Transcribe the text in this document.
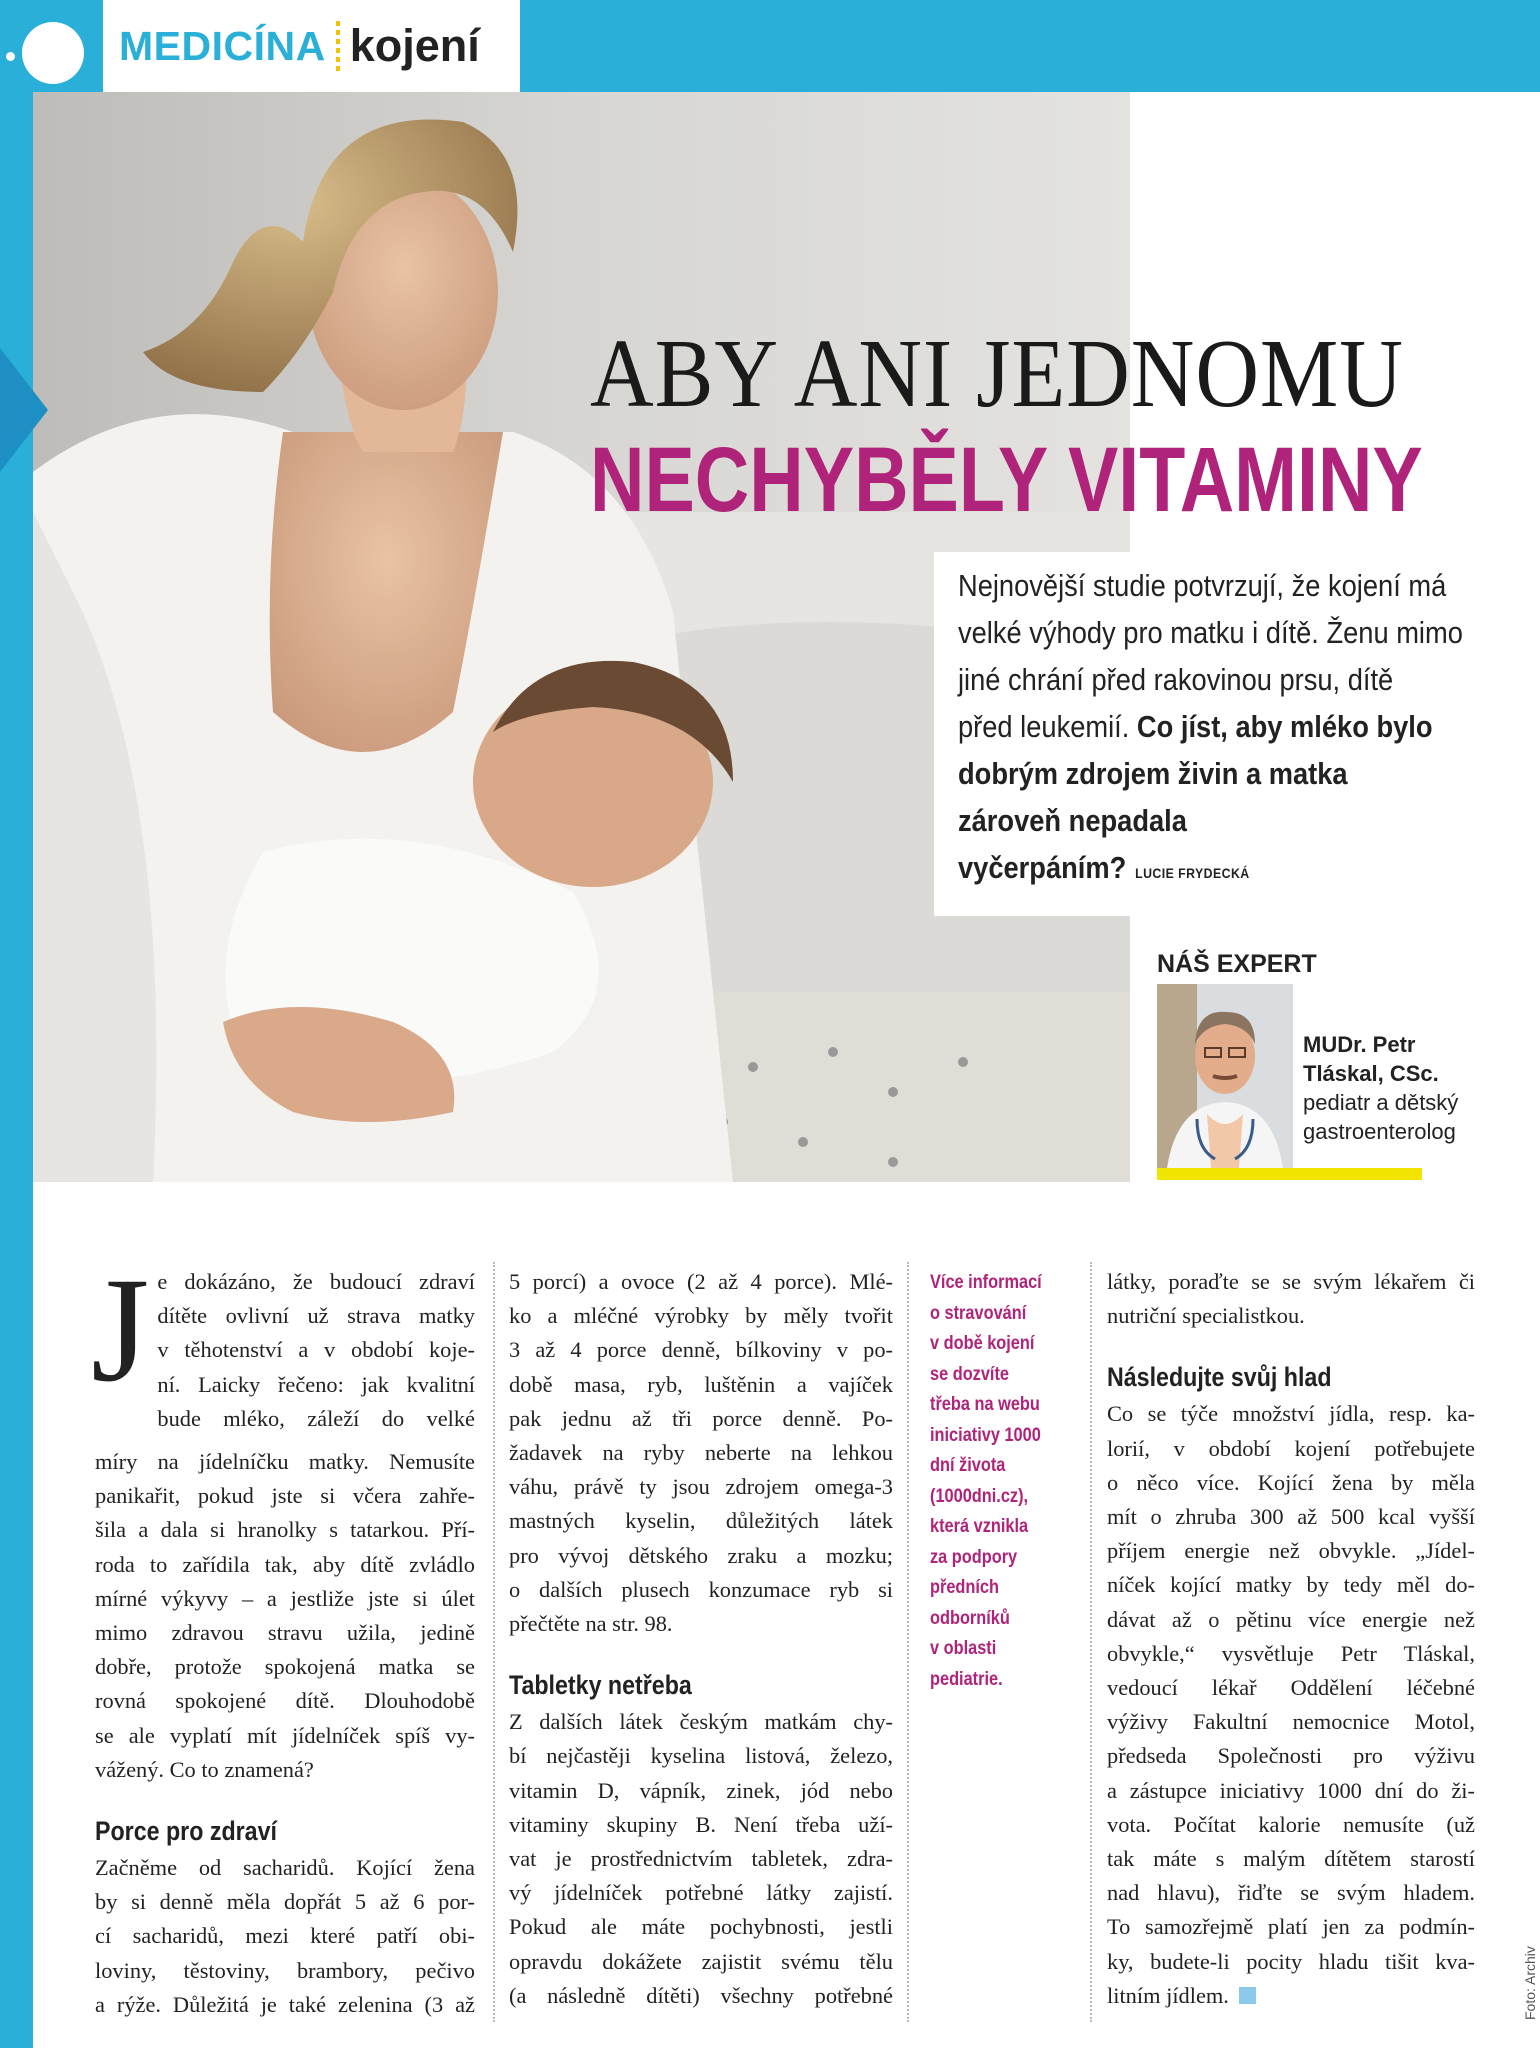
MEDICÍNA kojení
ABY ANI JEDNOMU
NECHYBĚLY VITAMINY
Nejnovější studie potvrzují, že kojení má
velké výhody pro matku i dítě. Ženu mimo
jiné chrání před rakovinou prsu, dítě
před leukemií. Co jíst, aby mléko bylo
dobrým zdrojem živin a matka
zároveň nepadala
vyčerpáním? LUCIE FRYDECKÁ
NÁŠ EXPERT
MUDr. Petr
Tláskal, CSc.
pediatr a dětský
gastroenterolog
J e dokázáno, že budoucí zdraví
dítěte ovlivní už strava matky
v těhotenství a v období koje-
ní. Laicky řečeno: jak kvalitní
bude mléko, záleží do velké
míry na jídelníčku matky. Nemusíte
panikařit, pokud jste si včera zahře-
šila a dala si hranolky s tatarkou. Pří-
roda to zařídila tak, aby dítě zvládlo
mírné výkyvy – a jestliže jste si úlet
mimo zdravou stravu užila, jedině
dobře, protože spokojená matka se
rovná spokojené dítě. Dlouhodobě
se ale vyplatí mít jídelníček spíš vy-
vážený. Co to znamená?
Porce pro zdraví
Začněme od sacharidů. Kojící žena
by si denně měla dopřát 5 až 6 por-
cí sacharidů, mezi které patří obi-
loviny, těstoviny, brambory, pečivo
a rýže. Důležitá je také zelenina (3 až
5 porcí) a ovoce (2 až 4 porce). Mlé-
ko a mléčné výrobky by měly tvořit
3 až 4 porce denně, bílkoviny v po-
době masa, ryb, luštěnin a vajíček
pak jednu až tři porce denně. Po-
žadavek na ryby neberte na lehkou
váhu, právě ty jsou zdrojem omega-3
mastných kyselin, důležitých látek
pro vývoj dětského zraku a mozku;
o dalších plusech konzumace ryb si
přečtěte na str. 98.
Tabletky netřeba
Z dalších látek českým matkám chy-
bí nejčastěji kyselina listová, železo,
vitamin D, vápník, zinek, jód nebo
vitaminy skupiny B. Není třeba uží-
vat je prostřednictvím tabletek, zdra-
vý jídelníček potřebné látky zajistí.
Pokud ale máte pochybnosti, jestli
opravdu dokážete zajistit svému tělu
(a následně dítěti) všechny potřebné
Více informací
o stravování
v době kojení
se dozvíte
třeba na webu
iniciativy 1000
dní života
(1000dni.cz),
která vznikla
za podpory
předních
odborníků
v oblasti
pediatrie.
látky, poraďte se se svým lékařem či
nutriční specialistkou.
Následujte svůj hlad
Co se týče množství jídla, resp. ka-
lorií, v období kojení potřebujete
o něco více. Kojící žena by měla
mít o zhruba 300 až 500 kcal vyšší
příjem energie než obvykle. „Jídel-
níček kojící matky by tedy měl do-
dávat až o pětinu více energie než
obvykle,“ vysvětluje Petr Tláskal,
vedoucí lékař Oddělení léčebné
výživy Fakultní nemocnice Motol,
předseda Společnosti pro výživu
a zástupce iniciativy 1000 dní do ži-
vota. Počítat kalorie nemusíte (už
tak máte s malým dítětem starostí
nad hlavu), řiďte se svým hladem.
To samozřejmě platí jen za podmín-
ky, budete-li pocity hladu tišit kva-
litním jídlem.	Foto: Archiv
